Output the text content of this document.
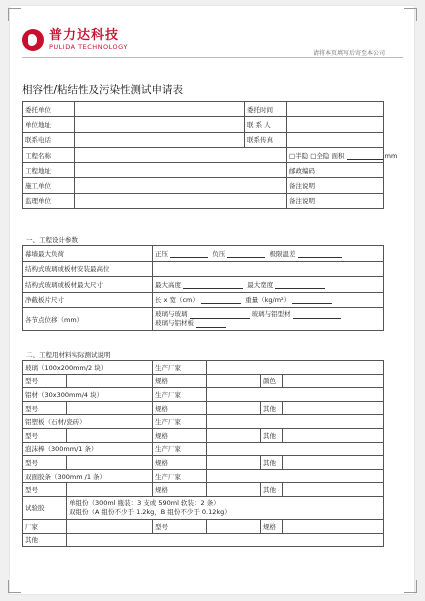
普力达科技
PULIDA TECHNOLOGY
请将本页填写后寄至本公司
相容性/粘结性及污染性测试申请表
委托单位		委托时间	
单位地址		联 系 人	
联系电话		联系传真	
工程名称			□半隐 □全隐 面积 mm
工程地址			邮政编码
施工单位			备注说明
监理单位			备注说明
一、工程设计参数
幕墙最大负荷	正压 负压 极限温差
结构式玻璃或板材安装最高位	
结构式玻璃或板材最大尺寸	最大高度 最大宽度
净截板片尺寸	长 x 宽（cm） 重量（kg/m²）
各节点位移（mm）	玻璃与玻璃 玻璃与铝型材
玻璃与铝材板
二、工程用材料实际测试说明
玻璃（100x200mm/2 块）		生产厂家			
型号		规格		颜色	
铝材（30x300mm/4 块）		生产厂家			
型号		规格		其他	
铝塑板（石材/瓷砖）		生产厂家			
型号		规格		其他	
泡沫棒（300mm/1 条）		生产厂家			
型号		规格		其他	
双面胶条（300mm /1 条）		生产厂家			
型号		规格		其他	
试验胶	单组份（300ml 瓶装：3 支或 590ml 软装：2 条）
双组份（A 组份不少于 1.2kg，B 组份不少于 0.12kg）				
厂家		型号		规格	
其他					
